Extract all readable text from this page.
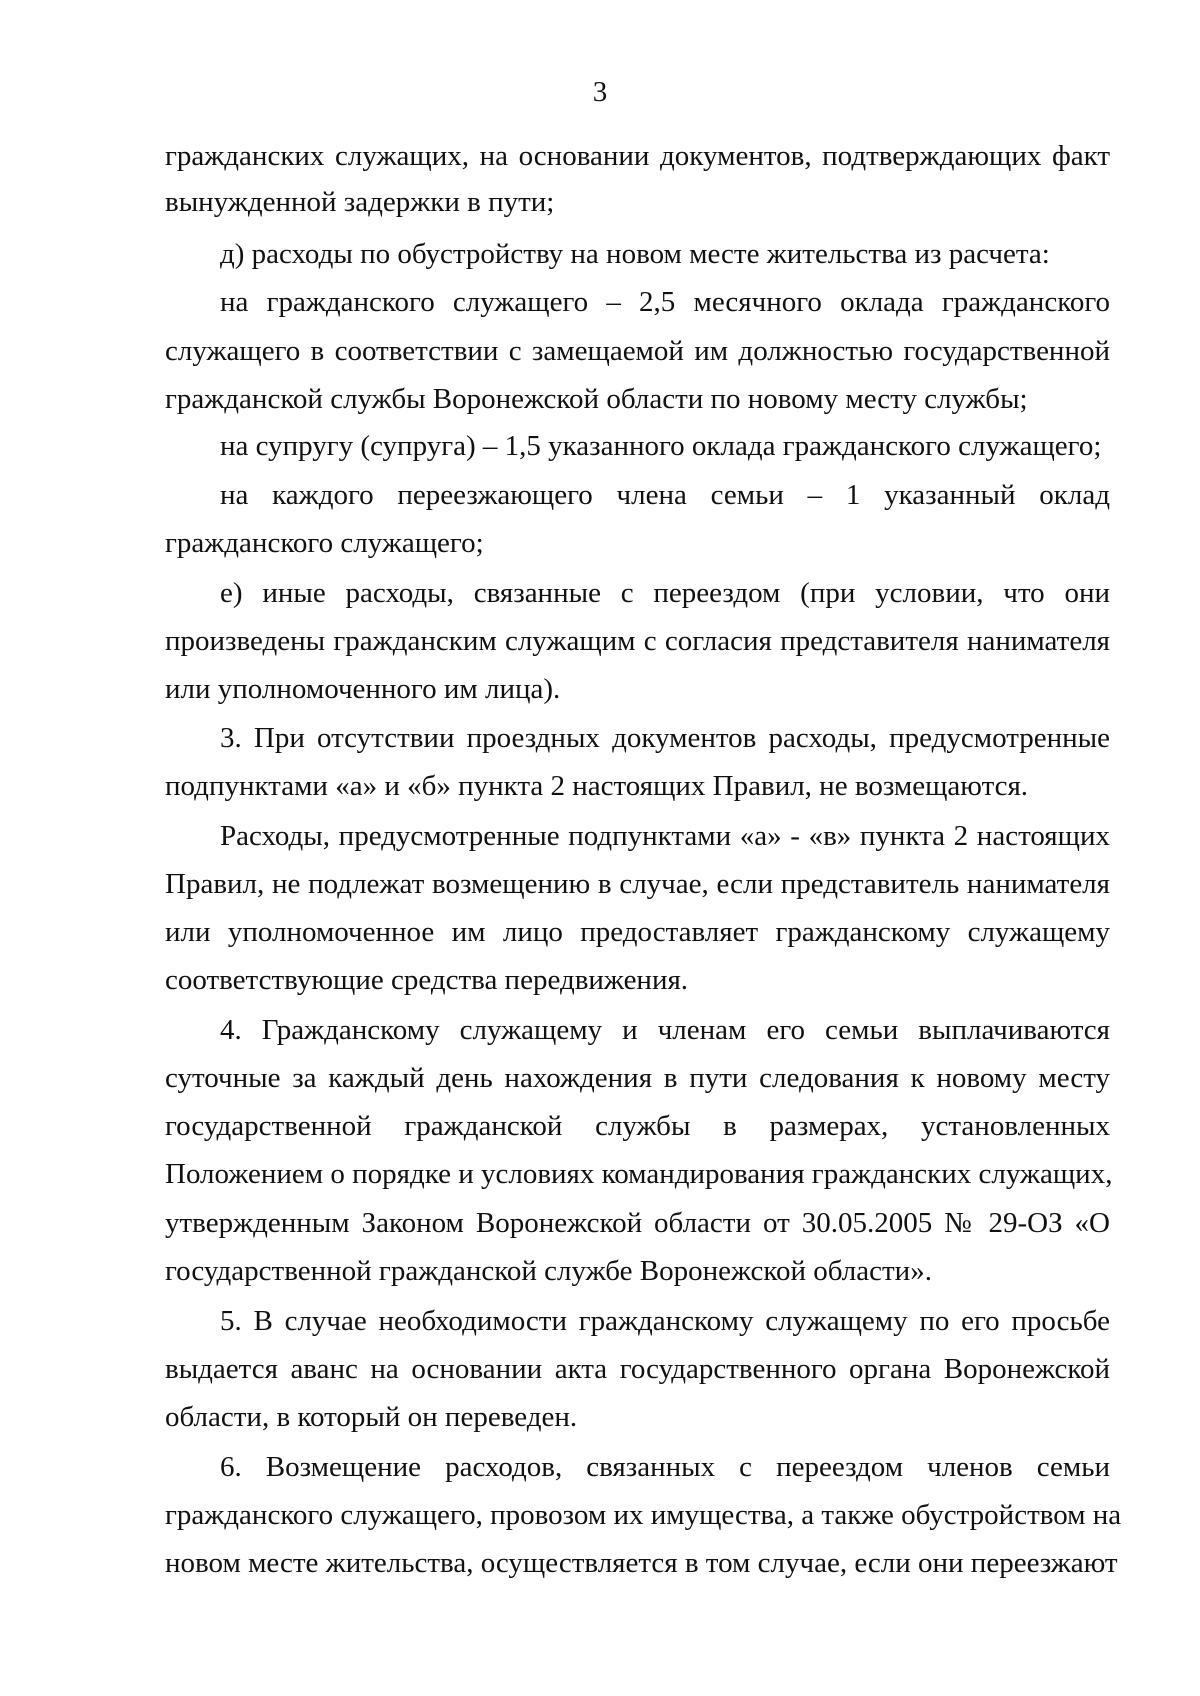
3
гражданских служащих, на основании документов, подтверждающих факт
вынужденной задержки в пути;
д) расходы по обустройству на новом месте жительства из расчета:
на гражданского служащего – 2,5 месячного оклада гражданского
служащего в соответствии с замещаемой им должностью государственной
гражданской службы Воронежской области по новому месту службы;
на супругу (супруга) – 1,5 указанного оклада гражданского служащего;
на каждого переезжающего члена семьи – 1 указанный оклад
гражданского служащего;
е) иные расходы, связанные с переездом (при условии, что они
произведены гражданским служащим с согласия представителя нанимателя
или уполномоченного им лица).
3. При отсутствии проездных документов расходы, предусмотренные
подпунктами «а» и «б» пункта 2 настоящих Правил, не возмещаются.
Расходы, предусмотренные подпунктами «а» - «в» пункта 2 настоящих
Правил, не подлежат возмещению в случае, если представитель нанимателя
или уполномоченное им лицо предоставляет гражданскому служащему
соответствующие средства передвижения.
4. Гражданскому служащему и членам его семьи выплачиваются
суточные за каждый день нахождения в пути следования к новому месту
государственной гражданской службы в размерах, установленных
Положением о порядке и условиях командирования гражданских служащих,
утвержденным Законом Воронежской области от 30.05.2005 № 29-ОЗ «О
государственной гражданской службе Воронежской области».
5. В случае необходимости гражданскому служащему по его просьбе
выдается аванс на основании акта государственного органа Воронежской
области, в который он переведен.
6. Возмещение расходов, связанных с переездом членов семьи
гражданского служащего, провозом их имущества, а также обустройством на
новом месте жительства, осуществляется в том случае, если они переезжают
